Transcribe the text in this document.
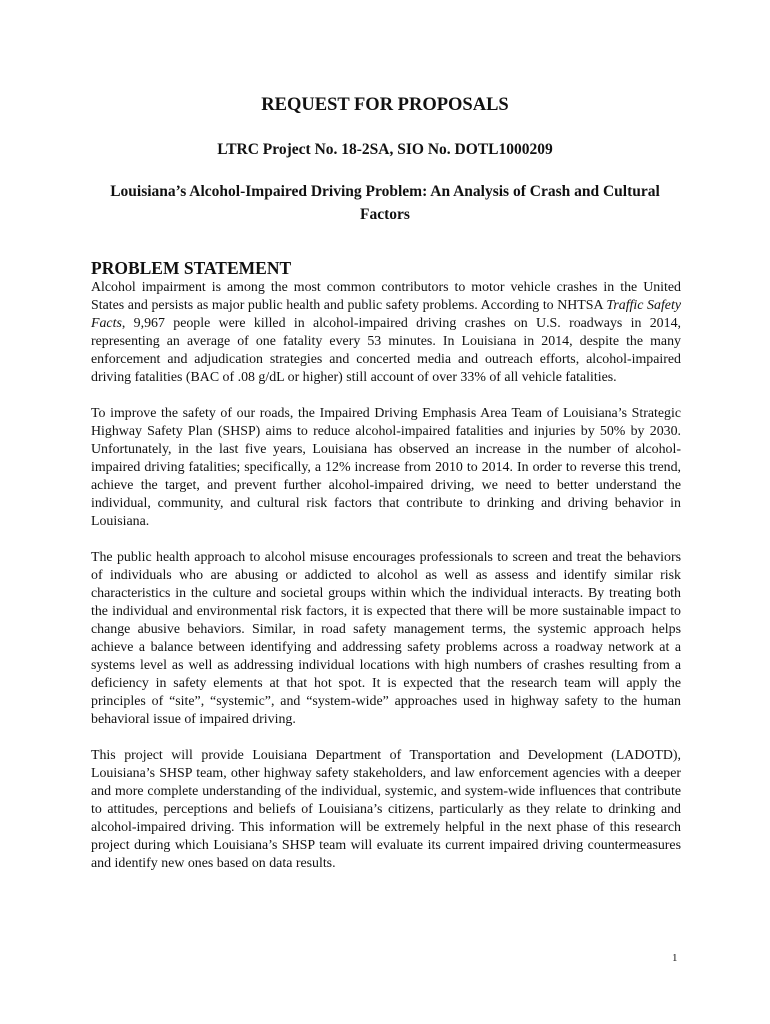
REQUEST FOR PROPOSALS
LTRC Project No. 18-2SA, SIO No. DOTL1000209
Louisiana’s Alcohol-Impaired Driving Problem: An Analysis of Crash and Cultural Factors
PROBLEM STATEMENT

Alcohol impairment is among the most common contributors to motor vehicle crashes in the United States and persists as major public health and public safety problems. According to NHTSA Traffic Safety Facts, 9,967 people were killed in alcohol-impaired driving crashes on U.S. roadways in 2014, representing an average of one fatality every 53 minutes. In Louisiana in 2014, despite the many enforcement and adjudication strategies and concerted media and outreach efforts, alcohol-impaired driving fatalities (BAC of .08 g/dL or higher) still account of over 33% of all vehicle fatalities.

To improve the safety of our roads, the Impaired Driving Emphasis Area Team of Louisiana’s Strategic Highway Safety Plan (SHSP) aims to reduce alcohol-impaired fatalities and injuries by 50% by 2030. Unfortunately, in the last five years, Louisiana has observed an increase in the number of alcohol-impaired driving fatalities; specifically, a 12% increase from 2010 to 2014. In order to reverse this trend, achieve the target, and prevent further alcohol-impaired driving, we need to better understand the individual, community, and cultural risk factors that contribute to drinking and driving behavior in Louisiana.

The public health approach to alcohol misuse encourages professionals to screen and treat the behaviors of individuals who are abusing or addicted to alcohol as well as assess and identify similar risk characteristics in the culture and societal groups within which the individual interacts. By treating both the individual and environmental risk factors, it is expected that there will be more sustainable impact to change abusive behaviors. Similar, in road safety management terms, the systemic approach helps achieve a balance between identifying and addressing safety problems across a roadway network at a systems level as well as addressing individual locations with high numbers of crashes resulting from a deficiency in safety elements at that hot spot. It is expected that the research team will apply the principles of “site”, “systemic”, and “system-wide” approaches used in highway safety to the human behavioral issue of impaired driving.

This project will provide Louisiana Department of Transportation and Development (LADOTD), Louisiana’s SHSP team, other highway safety stakeholders, and law enforcement agencies with a deeper and more complete understanding of the individual, systemic, and system-wide influences that contribute to attitudes, perceptions and beliefs of Louisiana’s citizens, particularly as they relate to drinking and alcohol-impaired driving. This information will be extremely helpful in the next phase of this research project during which Louisiana’s SHSP team will evaluate its current impaired driving countermeasures and identify new ones based on data results.

1
